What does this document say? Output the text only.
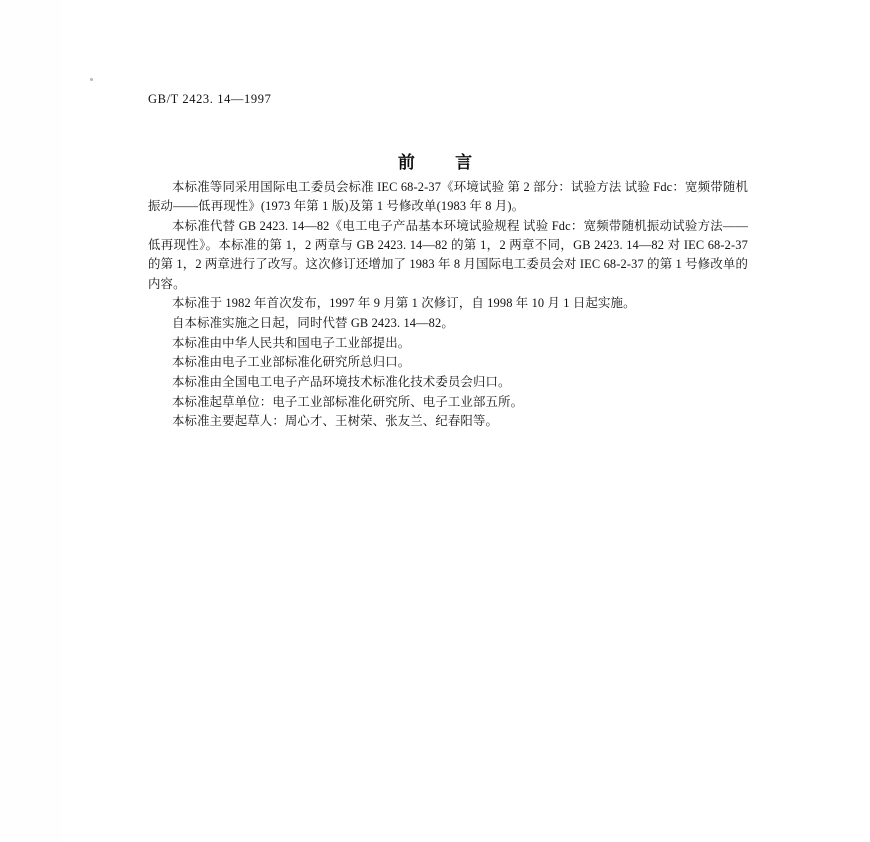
GB/T 2423. 14—1997
前 言

本标准等同采用国际电工委员会标准 IEC 68-2-37《环境试验 第 2 部分：试验方法 试验 Fdc：宽频带随机振动——低再现性》(1973 年第 1 版)及第 1 号修改单(1983 年 8 月)。

本标准代替 GB 2423. 14—82《电工电子产品基本环境试验规程 试验 Fdc：宽频带随机振动试验方法——低再现性》。本标准的第 1，2 两章与 GB 2423. 14—82 的第 1，2 两章不同，GB 2423. 14—82 对 IEC 68-2-37 的第 1，2 两章进行了改写。这次修订还增加了 1983 年 8 月国际电工委员会对 IEC 68-2-37 的第 1 号修改单的内容。

本标准于 1982 年首次发布，1997 年 9 月第 1 次修订，自 1998 年 10 月 1 日起实施。

自本标准实施之日起，同时代替 GB 2423. 14—82。

本标准由中华人民共和国电子工业部提出。

本标准由电子工业部标准化研究所总归口。

本标准由全国电工电子产品环境技术标准化技术委员会归口。

本标准起草单位：电子工业部标准化研究所、电子工业部五所。

本标准主要起草人：周心才、王树荣、张友兰、纪春阳等。
